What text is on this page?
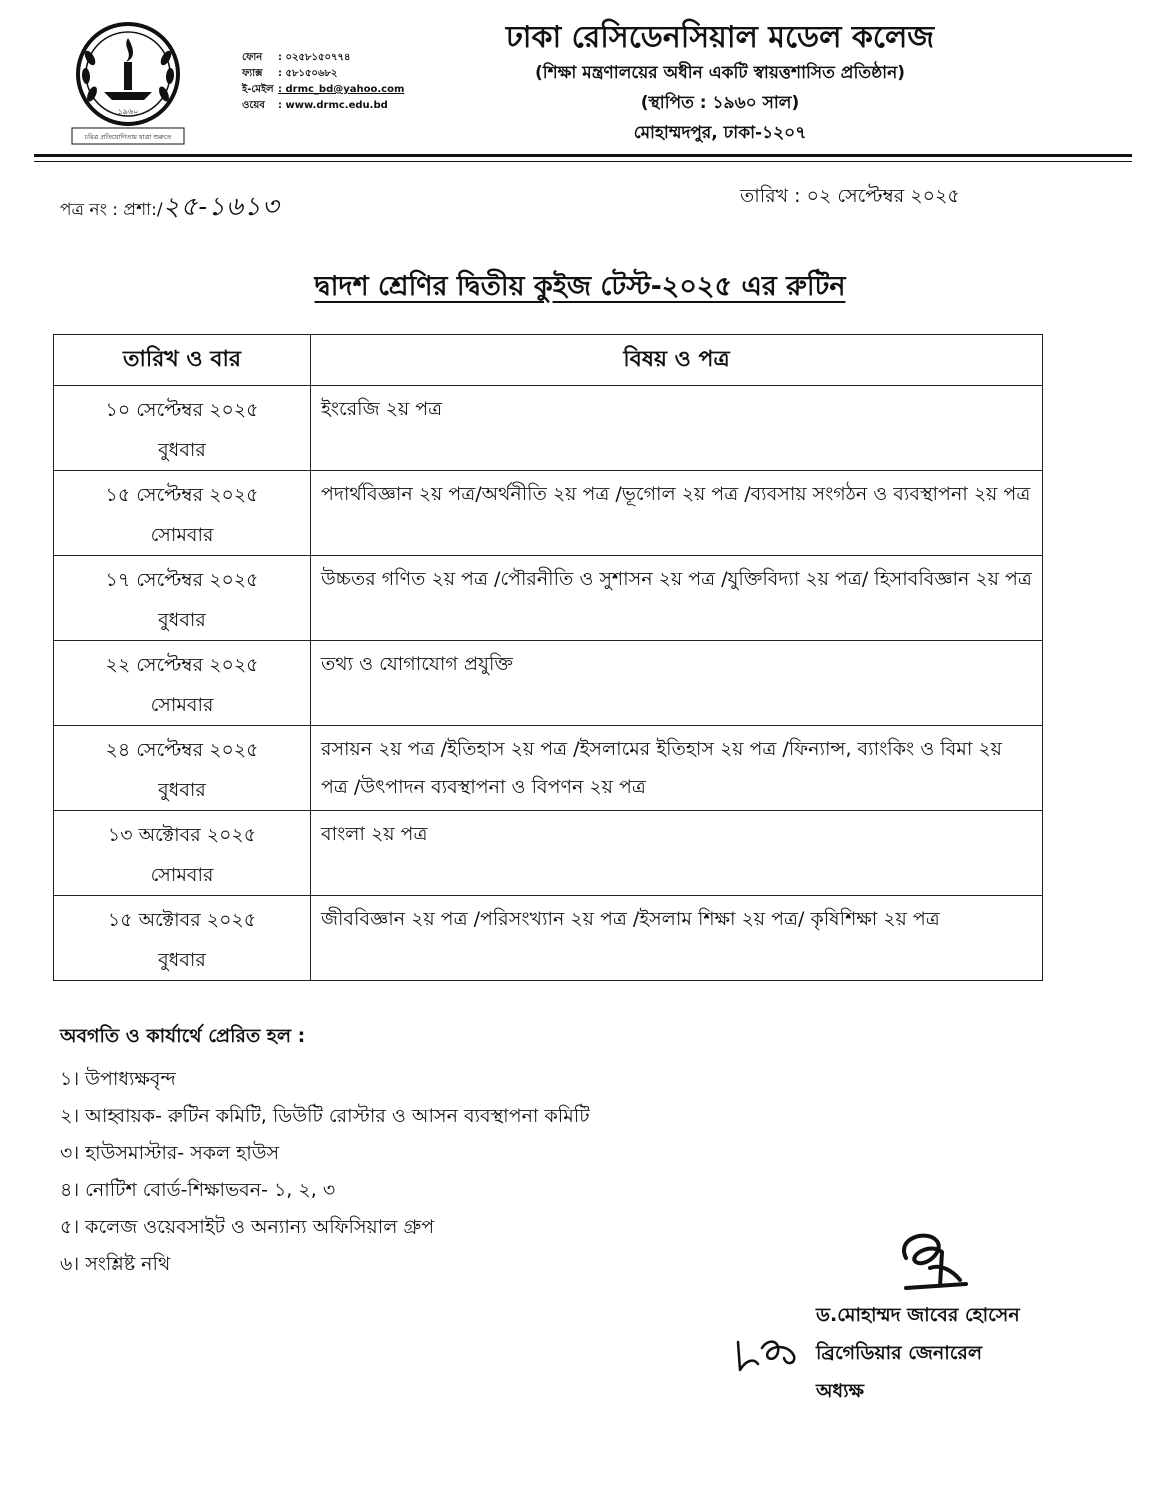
১৯৬০
চরিত্র প্রতিযোগিতায় যাত্রা শুরুতে
ফোন : ০২৫৮১৫০৭৭৪
ফ্যাক্স : ৫৮১৫০৬৮২
ই-মেইল : drmc_bd@yahoo.com
ওয়েব : www.drmc.edu.bd
ঢাকা রেসিডেনসিয়াল মডেল কলেজ
(শিক্ষা মন্ত্রণালয়ের অধীন একটি স্বায়ত্তশাসিত প্রতিষ্ঠান)
(স্থাপিত : ১৯৬০ সাল)
মোহাম্মদপুর, ঢাকা-১২০৭
পত্র নং : প্রশা:/২৫-১৬১৩	তারিখ : ০২ সেপ্টেম্বর ২০২৫
দ্বাদশ শ্রেণির দ্বিতীয় কুইজ টেস্ট-২০২৫ এর রুটিন
তারিখ ও বার	বিষয় ও পত্র

১০ সেপ্টেম্বর ২০২৫
বুধবার	ইংরেজি ২য় পত্র

১৫ সেপ্টেম্বর ২০২৫
সোমবার	পদার্থবিজ্ঞান ২য় পত্র/অর্থনীতি ২য় পত্র /ভূগোল ২য় পত্র /ব্যবসায় সংগঠন ও ব্যবস্থাপনা ২য় পত্র

১৭ সেপ্টেম্বর ২০২৫
বুধবার	উচ্চতর গণিত ২য় পত্র /পৌরনীতি ও সুশাসন ২য় পত্র /যুক্তিবিদ্যা ২য় পত্র/ হিসাববিজ্ঞান ২য় পত্র

২২ সেপ্টেম্বর ২০২৫
সোমবার	তথ্য ও যোগাযোগ প্রযুক্তি

২৪ সেপ্টেম্বর ২০২৫
বুধবার	রসায়ন ২য় পত্র /ইতিহাস ২য় পত্র /ইসলামের ইতিহাস ২য় পত্র /ফিন্যান্স, ব্যাংকিং ও বিমা ২য় পত্র /উৎপাদন ব্যবস্থাপনা ও বিপণন ২য় পত্র

১৩ অক্টোবর ২০২৫
সোমবার	বাংলা ২য় পত্র

১৫ অক্টোবর ২০২৫
বুধবার	জীববিজ্ঞান ২য় পত্র /পরিসংখ্যান ২য় পত্র /ইসলাম শিক্ষা ২য় পত্র/ কৃষিশিক্ষা ২য় পত্র
অবগতি ও কার্যার্থে প্রেরিত হল :
১। উপাধ্যক্ষবৃন্দ
২। আহ্বায়ক- রুটিন কমিটি, ডিউটি রোস্টার ও আসন ব্যবস্থাপনা কমিটি
৩। হাউসমাস্টার- সকল হাউস
৪। নোটিশ বোর্ড-শিক্ষাভবন- ১, ২, ৩
৫। কলেজ ওয়েবসাইট ও অন্যান্য অফিসিয়াল গ্রুপ
৬। সংশ্লিষ্ট নথি
ড.মোহাম্মদ জাবের হোসেন
ব্রিগেডিয়ার জেনারেল
অধ্যক্ষ
